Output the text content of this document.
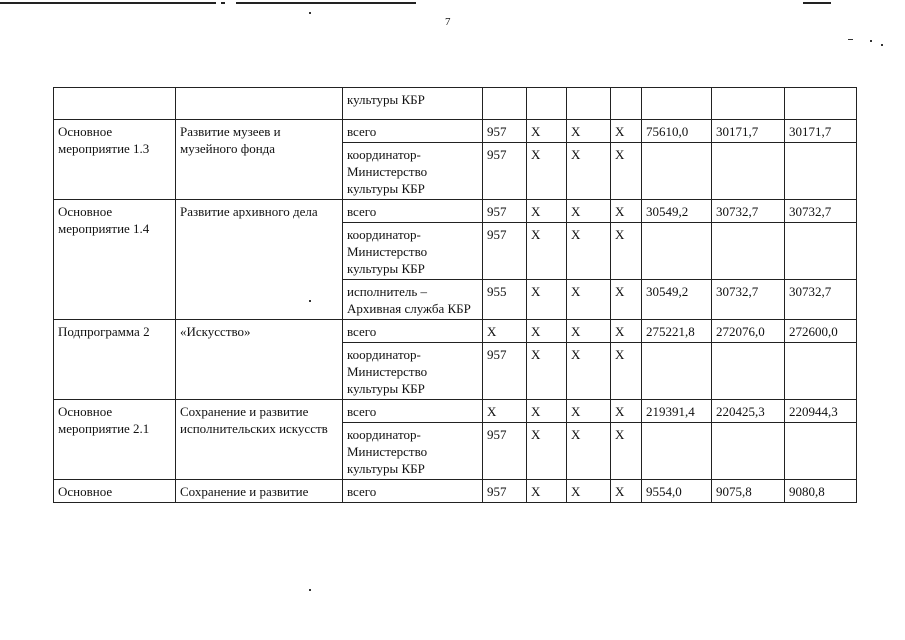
7
		культуры КБР							
Основное мероприятие 1.3	Развитие музеев и музейного фонда	всего	957	X	X	X	75610,0	30171,7	30171,7
		координатор-Министерство культуры КБР	957	X	X	X			
Основное мероприятие 1.4	Развитие архивного дела	всего	957	X	X	X	30549,2	30732,7	30732,7
		координатор-Министерство культуры КБР	957	X	X	X			
		исполнитель – Архивная служба КБР	955	X	X	X	30549,2	30732,7	30732,7
Подпрограмма 2	«Искусство»	всего	X	X	X	X	275221,8	272076,0	272600,0
		координатор-Министерство культуры КБР	957	X	X	X			
Основное мероприятие 2.1	Сохранение и развитие исполнительских искусств	всего	X	X	X	X	219391,4	220425,3	220944,3
		координатор-Министерство культуры КБР	957	X	X	X			
Основное	Сохранение и развитие	всего	957	X	X	X	9554,0	9075,8	9080,8
